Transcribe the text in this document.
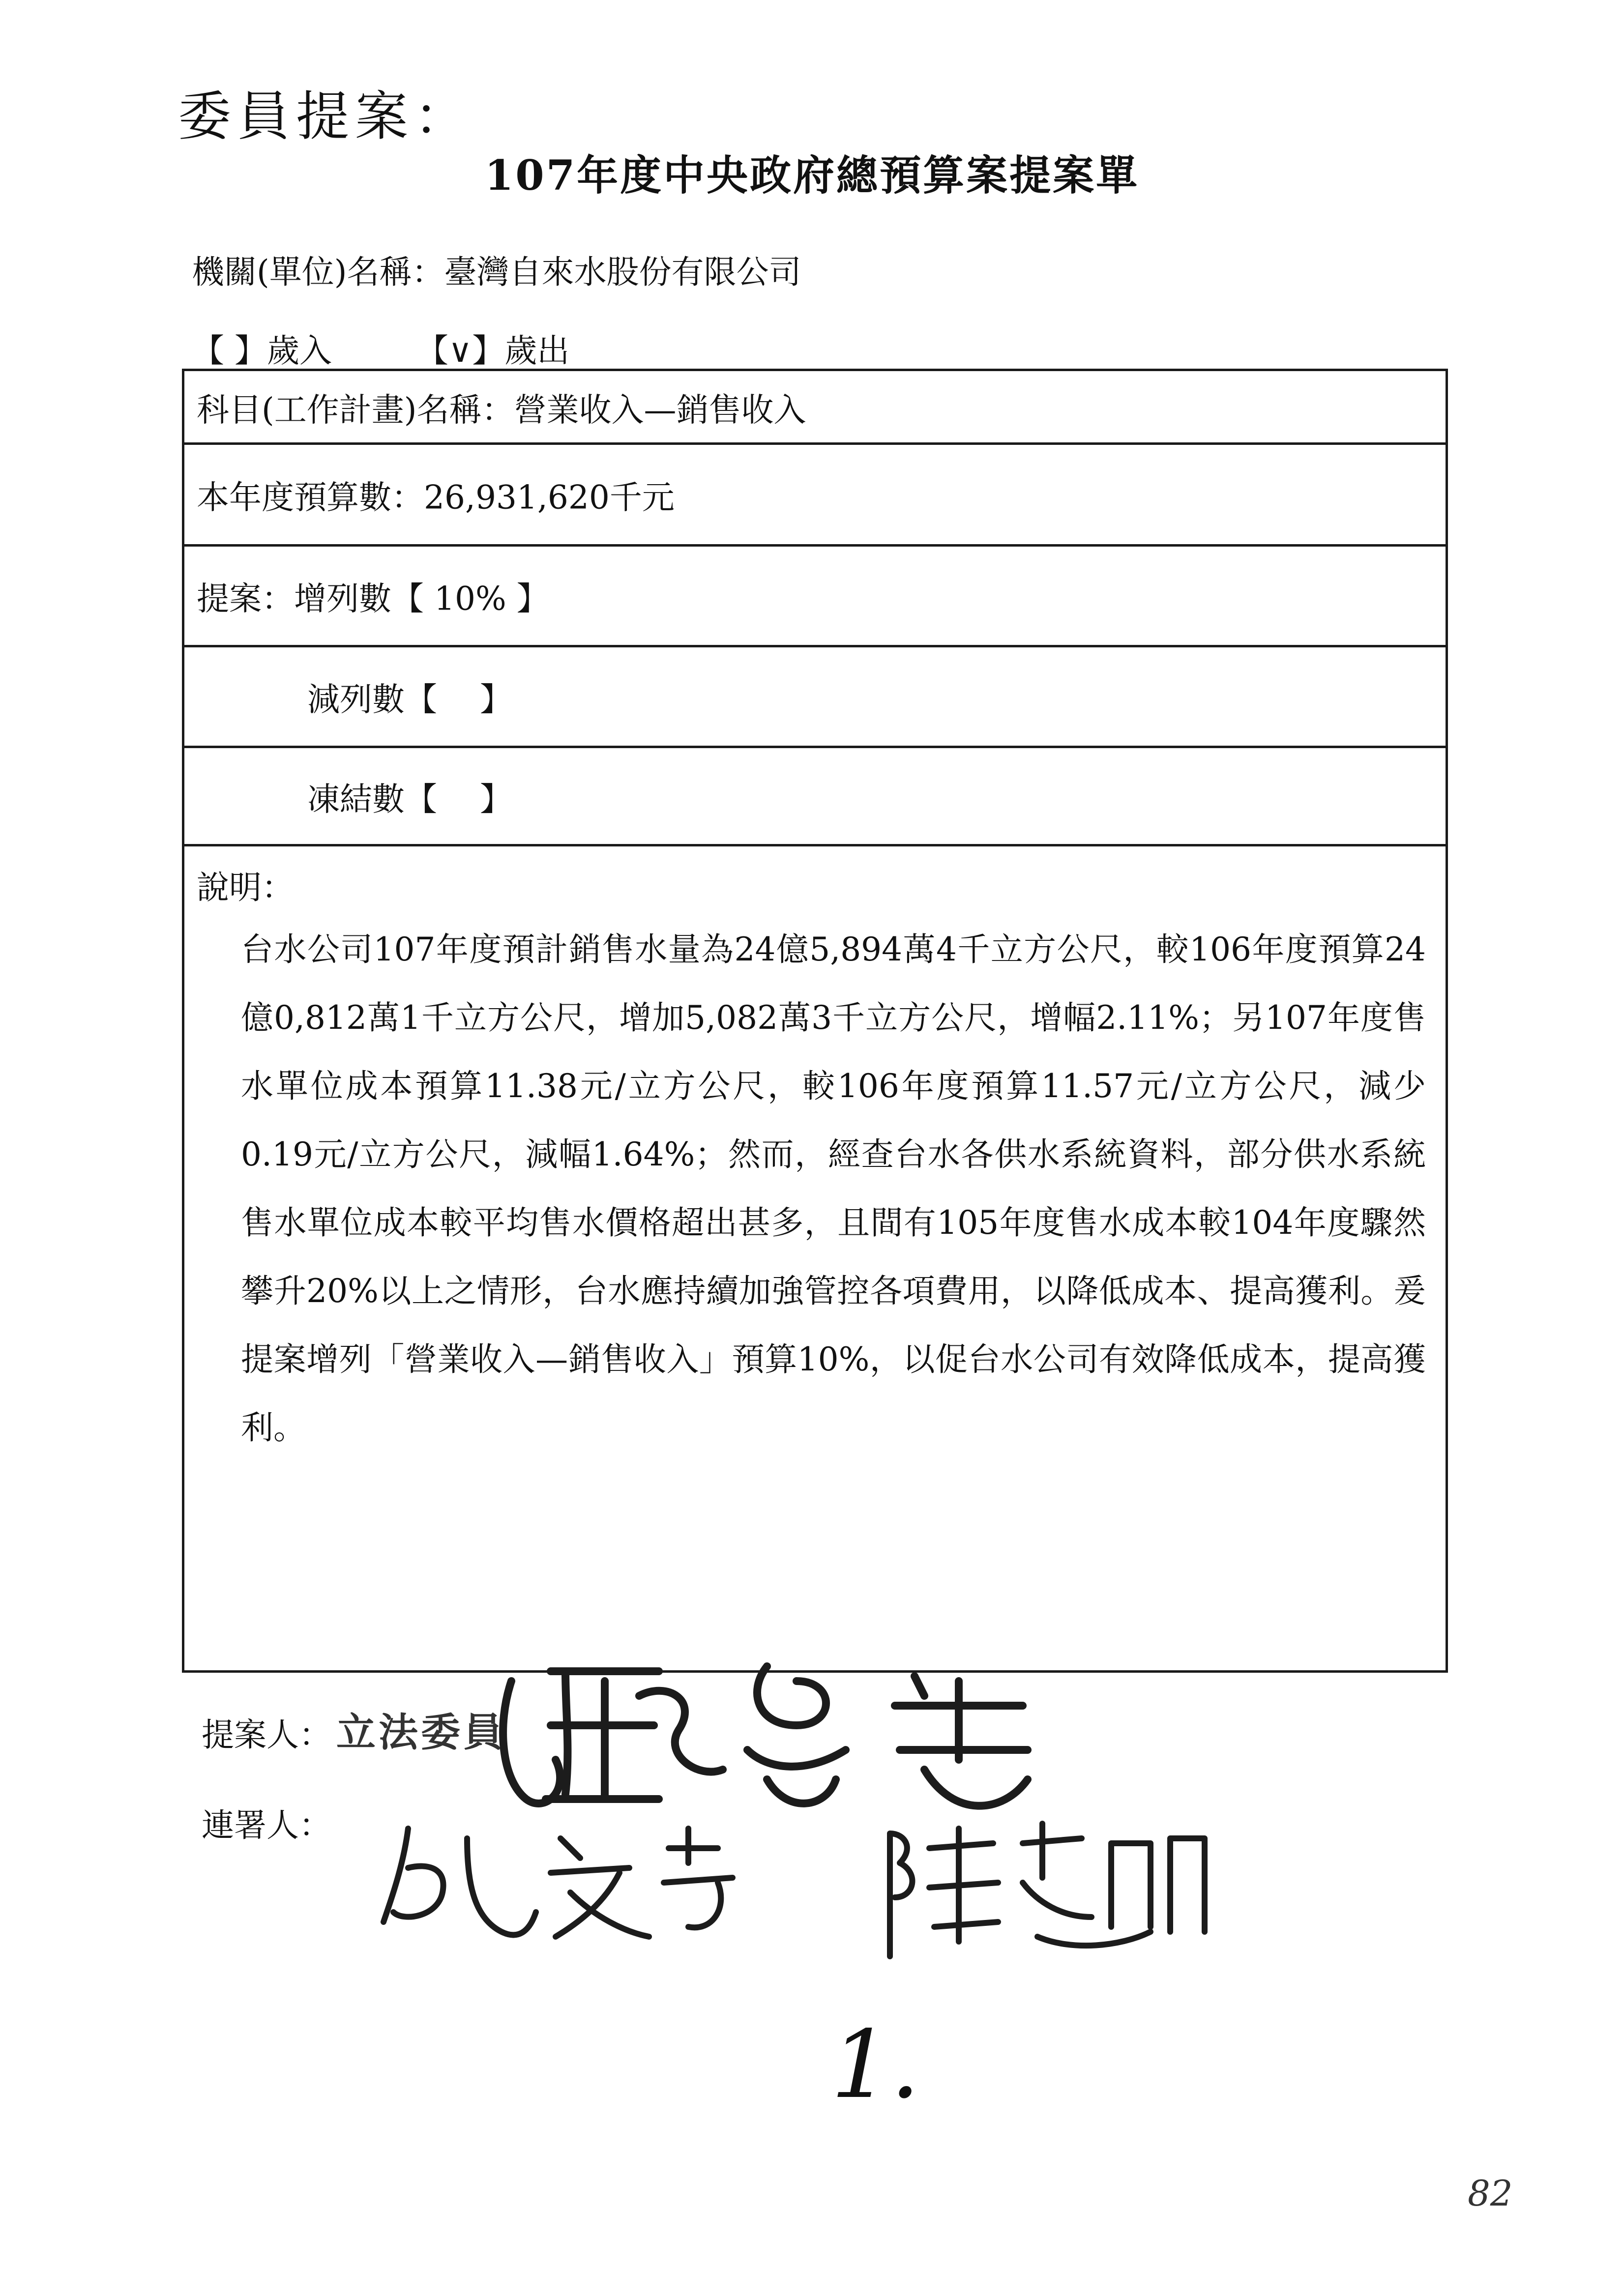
委員提案：
107年度中央政府總預算案提案單
機關(單位)名稱：臺灣自來水股份有限公司
【 】歲入	【∨】歲出
科目(工作計畫)名稱：營業收入—銷售收入
本年度預算數：26,931,620千元
提案：增列數【 10% 】
減列數【　 】
凍結數【　 】
說明：
台水公司107年度預計銷售水量為24億5,894萬4千立方公尺，較106年度預算24億0,812萬1千立方公尺，增加5,082萬3千立方公尺，增幅2.11%；另107年度售水單位成本預算11.38元/立方公尺，較106年度預算11.57元/立方公尺，減少0.19元/立方公尺，減幅1.64%；然而，經查台水各供水系統資料，部分供水系統售水單位成本較平均售水價格超出甚多，且間有105年度售水成本較104年度驟然攀升20%以上之情形，台水應持續加強管控各項費用，以降低成本、提高獲利。爰提案增列「營業收入—銷售收入」預算10%，以促台水公司有效降低成本，提高獲利。
提案人： 立法委員
連署人：
1.
82
